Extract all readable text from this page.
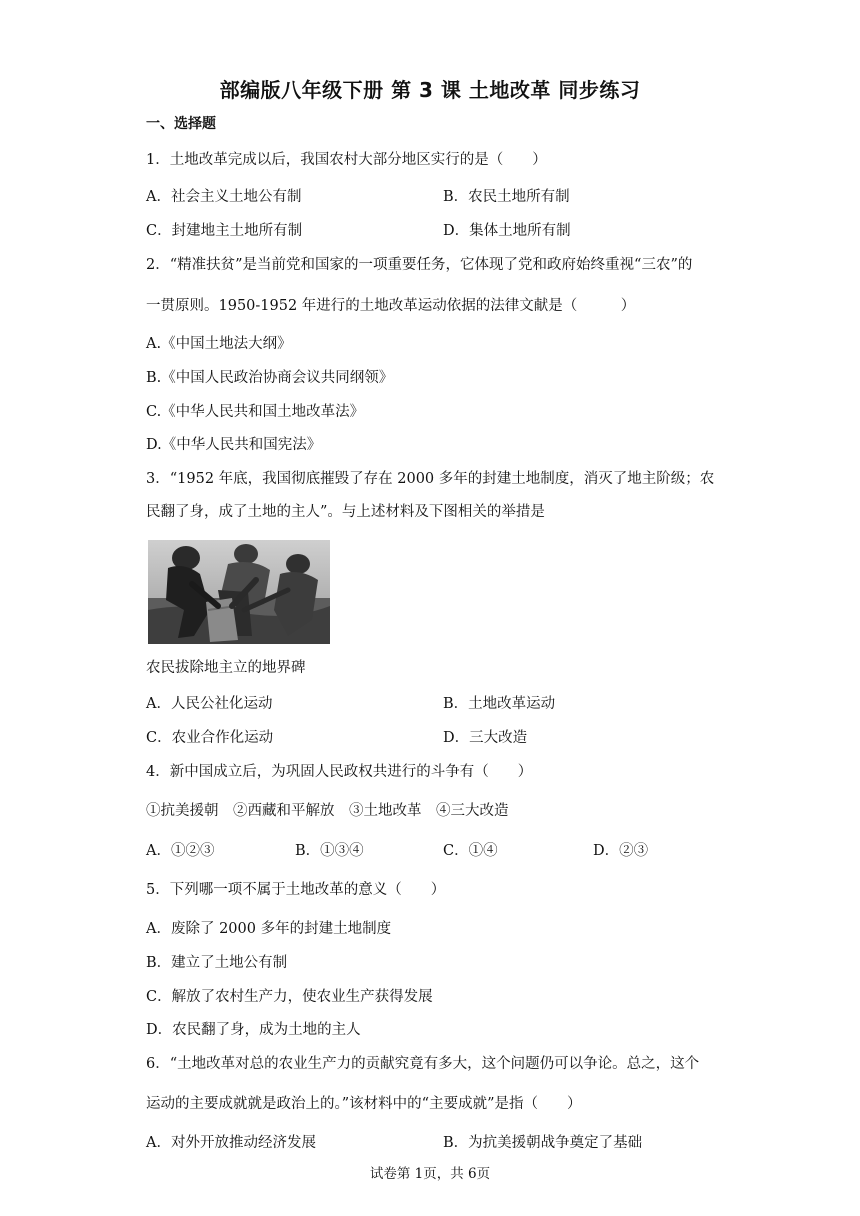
部编版八年级下册 第 3 课 土地改革 同步练习
一、选择题
1．土地改革完成以后，我国农村大部分地区实行的是（　　）
A．社会主义土地公有制	B．农民土地所有制
C．封建地主土地所有制	D．集体土地所有制
2．“精准扶贫”是当前党和国家的一项重要任务，它体现了党和政府始终重视“三农”的
一贯原则。1950-1952 年进行的土地改革运动依据的法律文献是（　　　）
A.《中国土地法大纲》
B.《中国人民政治协商会议共同纲领》
C.《中华人民共和国土地改革法》
D.《中华人民共和国宪法》
3．“1952 年底，我国彻底摧毁了存在 2000 多年的封建土地制度，消灭了地主阶级；农
民翻了身，成了土地的主人”。与上述材料及下图相关的举措是
农民拔除地主立的地界碑
A．人民公社化运动	B．土地改革运动
C．农业合作化运动	D．三大改造
4．新中国成立后，为巩固人民政权共进行的斗争有（　　）
①抗美援朝　②西藏和平解放　③土地改革　④三大改造
A．①②③	B．①③④	C．①④	D．②③
5．下列哪一项不属于土地改革的意义（　　）
A．废除了 2000 多年的封建土地制度
B．建立了土地公有制
C．解放了农村生产力，使农业生产获得发展
D．农民翻了身，成为土地的主人
6．“土地改革对总的农业生产力的贡献究竟有多大，这个问题仍可以争论。总之，这个
运动的主要成就就是政治上的。”该材料中的“主要成就”是指（　　）
A．对外开放推动经济发展	B．为抗美援朝战争奠定了基础
试卷第 1页，共 6页
